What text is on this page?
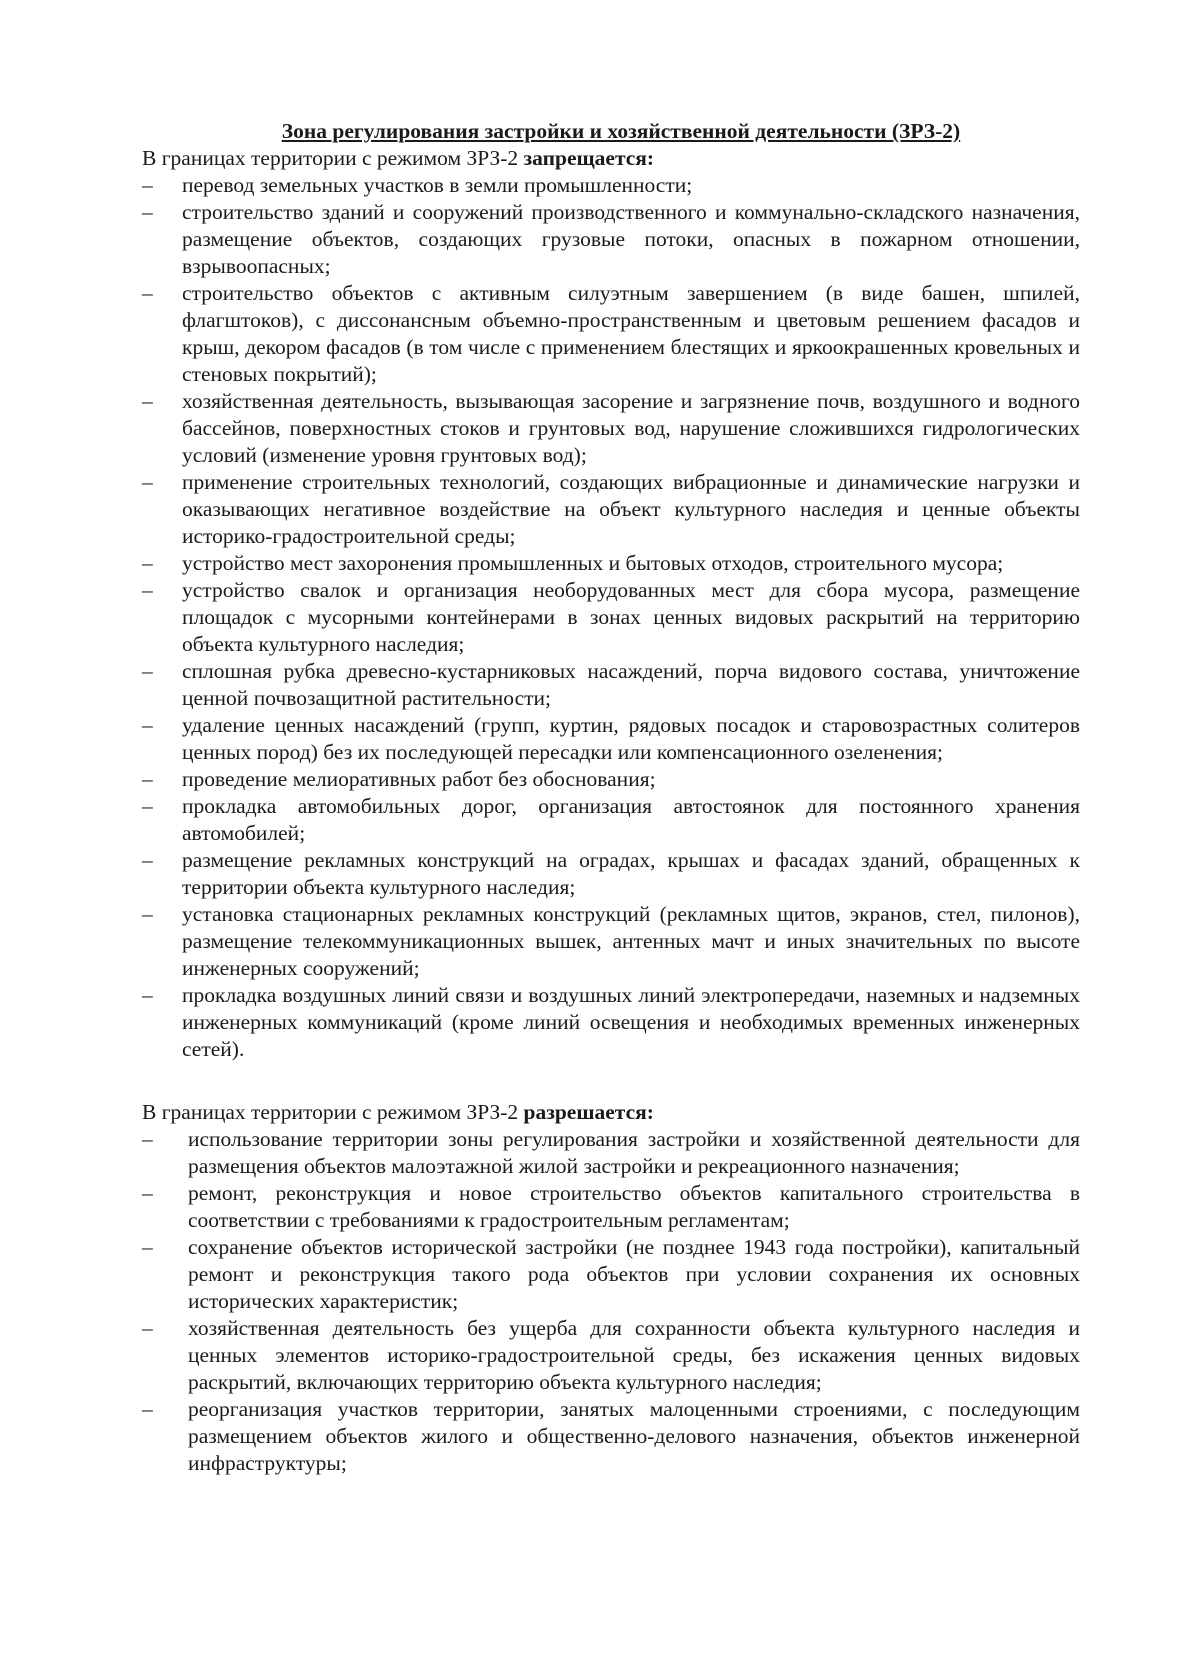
Зона регулирования застройки и хозяйственной деятельности (ЗРЗ-2)

В границах территории с режимом ЗРЗ-2 запрещается:

–	перевод земельных участков в земли промышленности;
–	строительство зданий и сооружений производственного и коммунально-складского назначения, размещение объектов, создающих грузовые потоки, опасных в пожарном отношении, взрывоопасных;
–	строительство объектов с активным силуэтным завершением (в виде башен, шпилей, флагштоков), с диссонансным объемно-пространственным и цветовым решением фасадов и крыш, декором фасадов (в том числе с применением блестящих и яркоокрашенных кровельных и стеновых покрытий);
–	хозяйственная деятельность, вызывающая засорение и загрязнение почв, воздушного и водного бассейнов, поверхностных стоков и грунтовых вод, нарушение сложившихся гидрологических условий (изменение уровня грунтовых вод);
–	применение строительных технологий, создающих вибрационные и динамические нагрузки и оказывающих негативное воздействие на объект культурного наследия и ценные объекты историко-градостроительной среды;
–	устройство мест захоронения промышленных и бытовых отходов, строительного мусора;
–	устройство свалок и организация необорудованных мест для сбора мусора, размещение площадок с мусорными контейнерами в зонах ценных видовых раскрытий на территорию объекта культурного наследия;
–	сплошная рубка древесно-кустарниковых насаждений, порча видового состава, уничтожение ценной почвозащитной растительности;
–	удаление ценных насаждений (групп, куртин, рядовых посадок и старовозрастных солитеров ценных пород) без их последующей пересадки или компенсационного озеленения;
–	проведение мелиоративных работ без обоснования;
–	прокладка автомобильных дорог, организация автостоянок для постоянного хранения автомобилей;
–	размещение рекламных конструкций на оградах, крышах и фасадах зданий, обращенных к территории объекта культурного наследия;
–	установка стационарных рекламных конструкций (рекламных щитов, экранов, стел, пилонов), размещение телекоммуникационных вышек, антенных мачт и иных значительных по высоте инженерных сооружений;
–	прокладка воздушных линий связи и воздушных линий электропередачи, наземных и надземных инженерных коммуникаций (кроме линий освещения и необходимых временных инженерных сетей).

В границах территории с режимом ЗРЗ-2 разрешается:

–	использование территории зоны регулирования застройки и хозяйственной деятельности для размещения объектов малоэтажной жилой застройки и рекреационного назначения;
–	ремонт, реконструкция и новое строительство объектов капитального строительства в соответствии с требованиями к градостроительным регламентам;
–	сохранение объектов исторической застройки (не позднее 1943 года постройки), капитальный ремонт и реконструкция такого рода объектов при условии сохранения их основных исторических характеристик;
–	хозяйственная деятельность без ущерба для сохранности объекта культурного наследия и ценных элементов историко-градостроительной среды, без искажения ценных видовых раскрытий, включающих территорию объекта культурного наследия;
–	реорганизация участков территории, занятых малоценными строениями, с последующим размещением объектов жилого и общественно-делового назначения, объектов инженерной инфраструктуры;
